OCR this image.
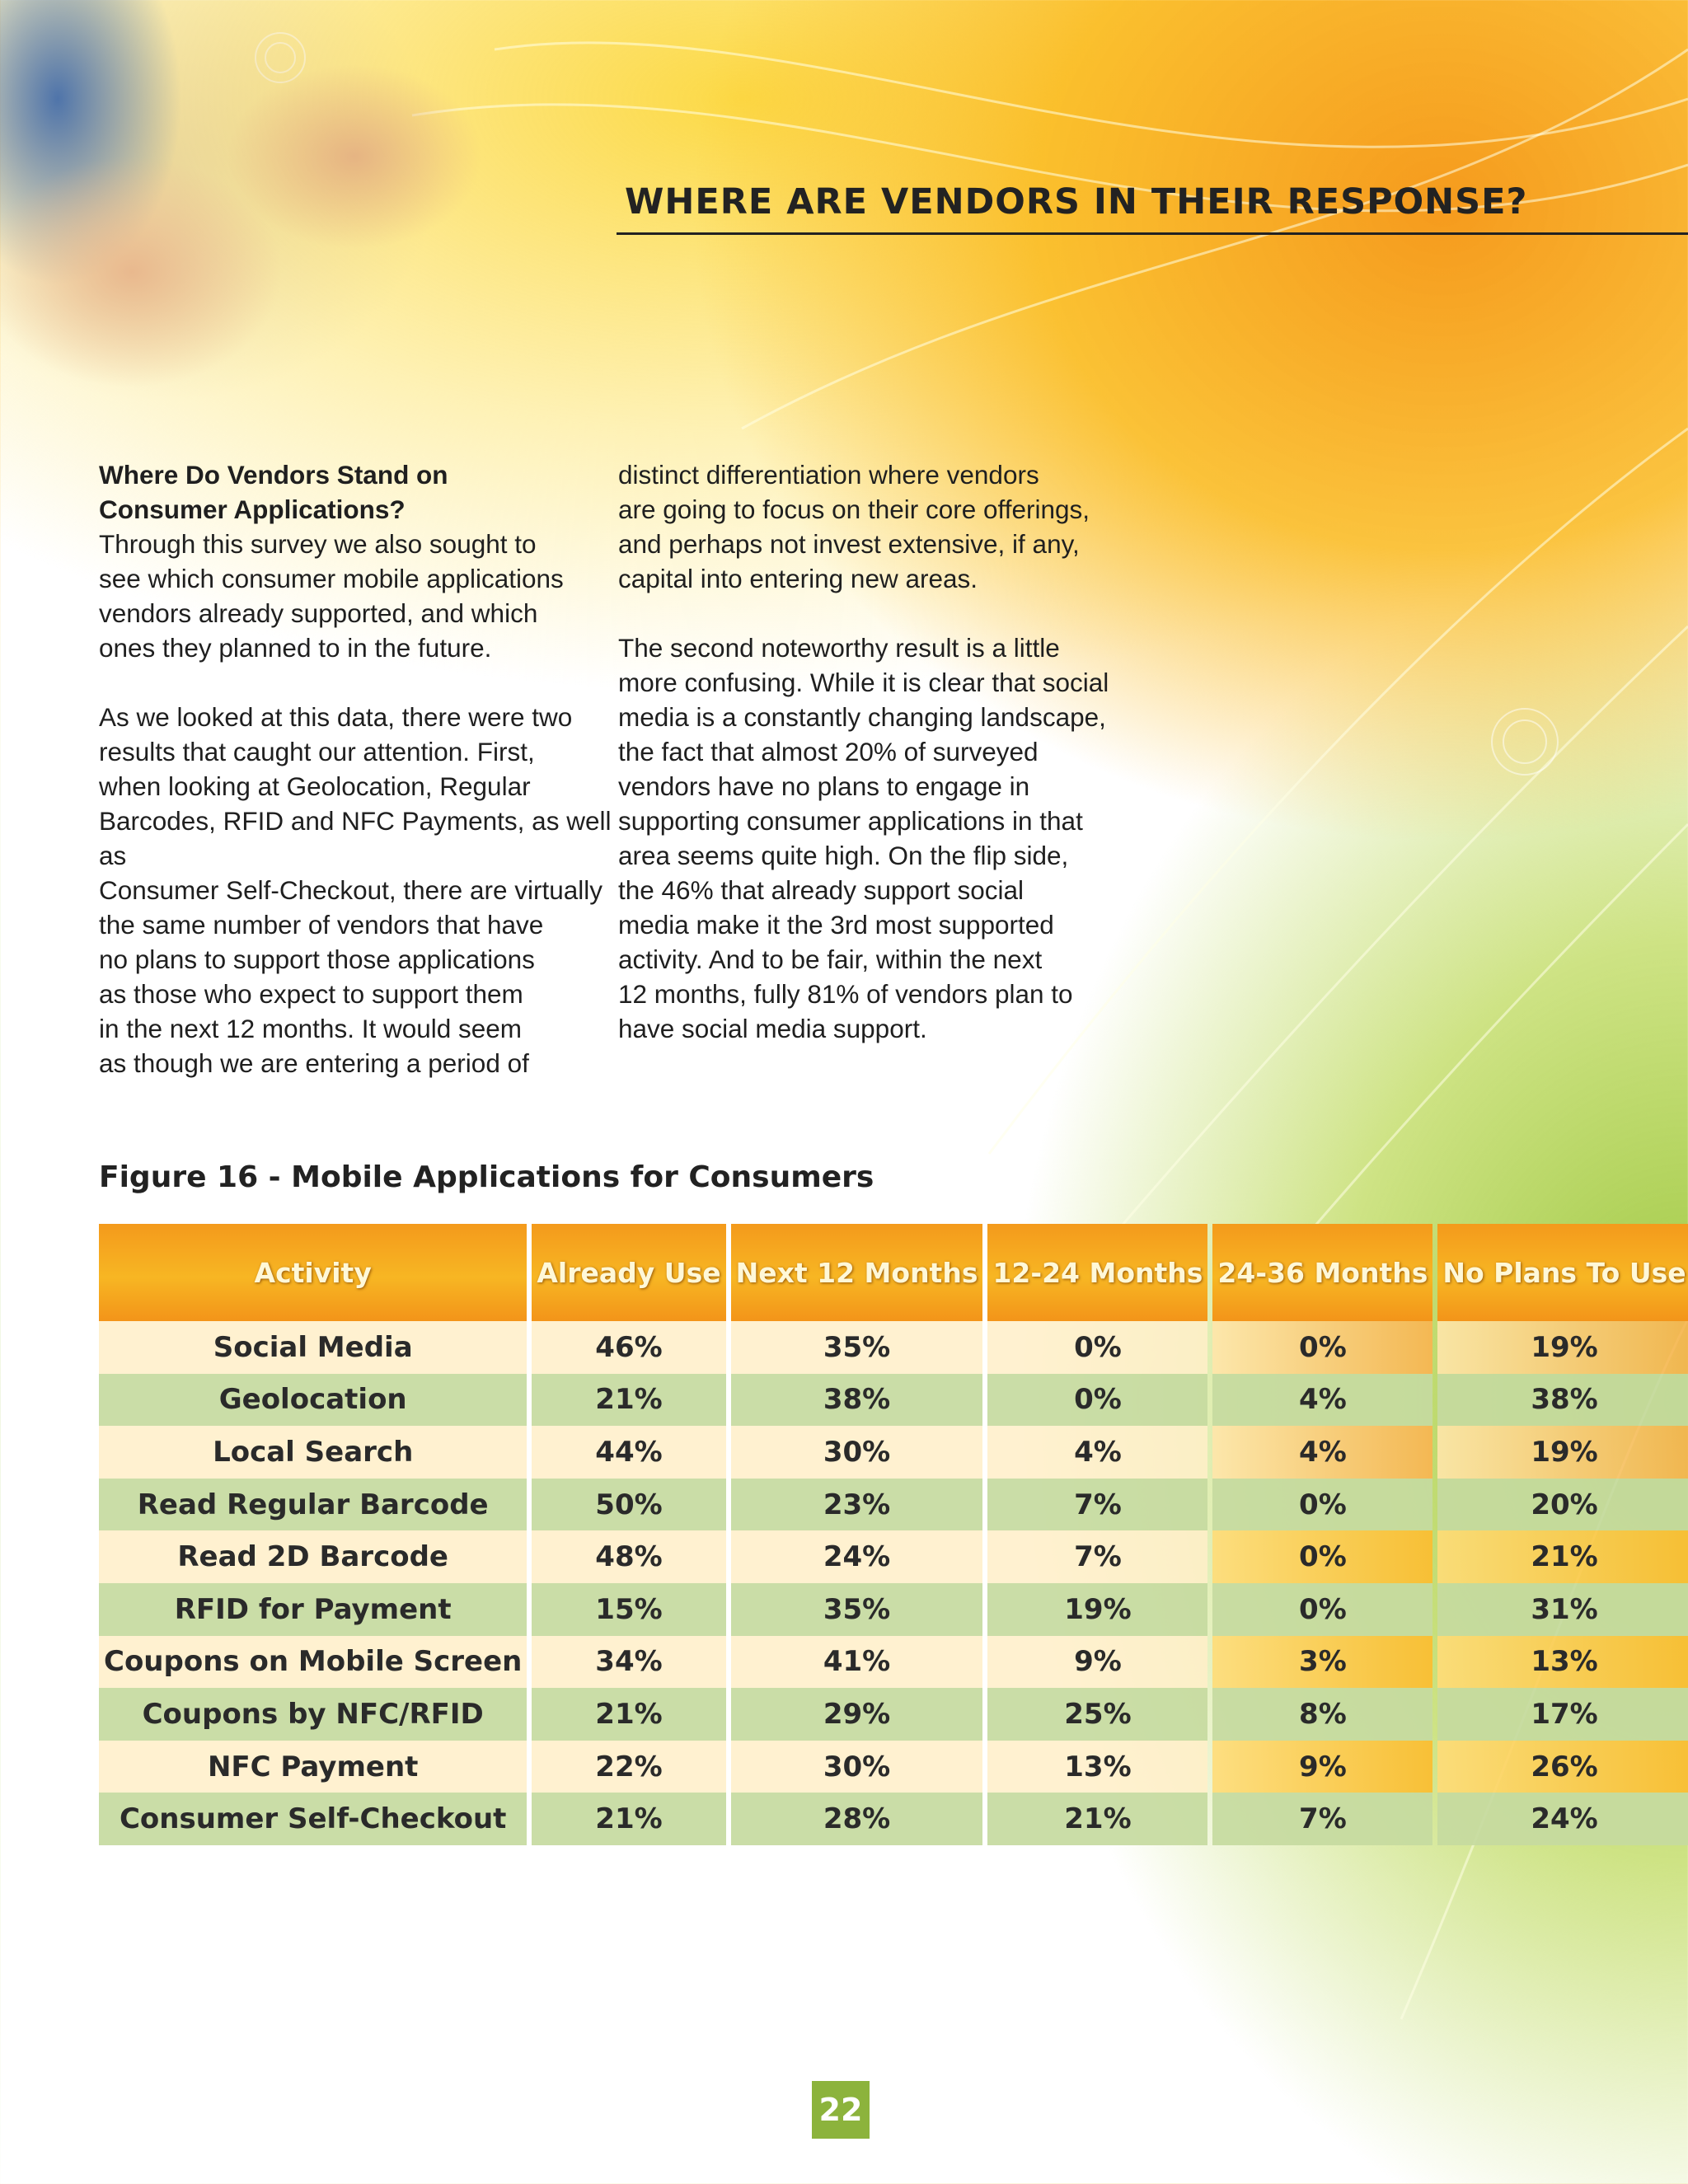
WHERE ARE VENDORS IN THEIR RESPONSE?

Where Do Vendors Stand on

Consumer Applications?

Through this survey we also sought to

see which consumer mobile applications

vendors already supported, and which

ones they planned to in the future.

As we looked at this data, there were two

results that caught our attention. First,

when looking at Geolocation, Regular

Barcodes, RFID and NFC Payments, as well as

Consumer Self-Checkout, there are virtually

the same number of vendors that have

no plans to support those applications

as those who expect to support them

in the next 12 months. It would seem

as though we are entering a period of

distinct differentiation where vendors

are going to focus on their core offerings,

and perhaps not invest extensive, if any,

capital into entering new areas.

The second noteworthy result is a little

more confusing. While it is clear that social

media is a constantly changing landscape,

the fact that almost 20% of surveyed

vendors have no plans to engage in

supporting consumer applications in that

area seems quite high. On the flip side,

the 46% that already support social

media make it the 3rd most supported

activity. And to be fair, within the next

12 months, fully 81% of vendors plan to

have social media support.

Figure 16 - Mobile Applications for Consumers
Activity	Already Use	Next 12 Months	12-24 Months	24-36 Months	No Plans To Use
Social Media	46%	35%	0%	0%	19%
Geolocation	21%	38%	0%	4%	38%
Local Search	44%	30%	4%	4%	19%
Read Regular Barcode	50%	23%	7%	0%	20%
Read 2D Barcode	48%	24%	7%	0%	21%
RFID for Payment	15%	35%	19%	0%	31%
Coupons on Mobile Screen	34%	41%	9%	3%	13%
Coupons by NFC/RFID	21%	29%	25%	8%	17%
NFC Payment	22%	30%	13%	9%	26%
Consumer Self-Checkout	21%	28%	21%	7%	24%
22
